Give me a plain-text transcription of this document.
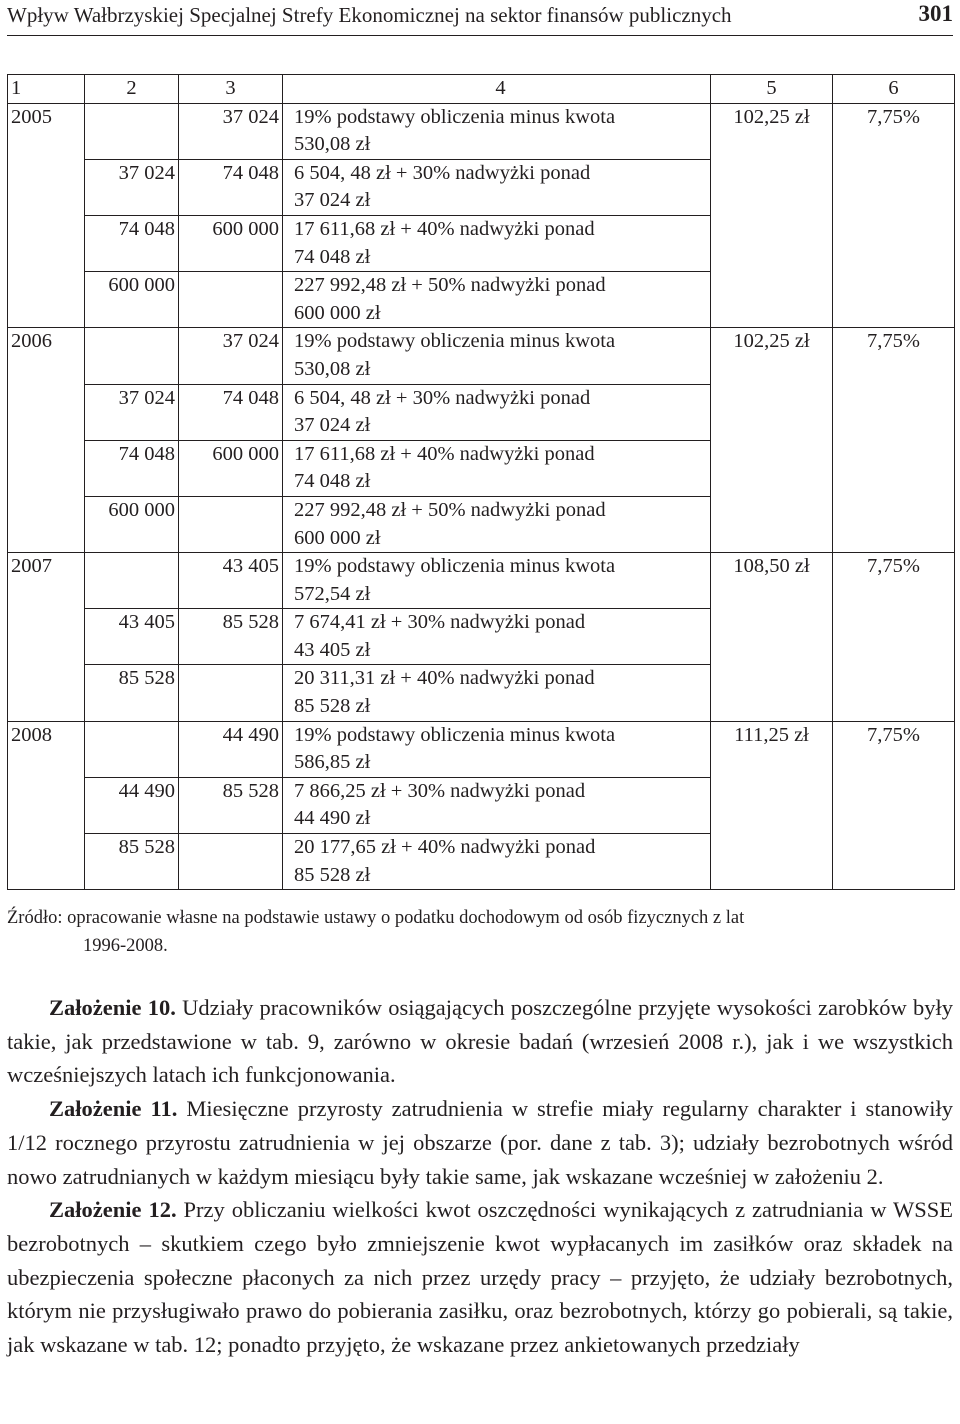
Wpływ Wałbrzyskiej Specjalnej Strefy Ekonomicznej na sektor finansów publicznych	301
1	2	3	4	5	6
2005		37 024	19% podstawy obliczenia minus kwota
530,08 zł	102,25 zł	7,75%
	37 024	74 048	6 504, 48 zł + 30% nadwyżki ponad
37 024 zł		

	74 048	600 000	17 611,68 zł + 40% nadwyżki ponad
74 048 zł		

	600 000		227 992,48 zł + 50% nadwyżki ponad
600 000 zł		

2006		37 024	19% podstawy obliczenia minus kwota
530,08 zł	102,25 zł	7,75%
	37 024	74 048	6 504, 48 zł + 30% nadwyżki ponad
37 024 zł		

	74 048	600 000	17 611,68 zł + 40% nadwyżki ponad
74 048 zł		

	600 000		227 992,48 zł + 50% nadwyżki ponad
600 000 zł		

2007		43 405	19% podstawy obliczenia minus kwota
572,54 zł	108,50 zł	7,75%
	43 405	85 528	7 674,41 zł + 30% nadwyżki ponad
43 405 zł		

	85 528		20 311,31 zł + 40% nadwyżki ponad
85 528 zł		

2008		44 490	19% podstawy obliczenia minus kwota
586,85 zł	111,25 zł	7,75%
	44 490	85 528	7 866,25 zł + 30% nadwyżki ponad
44 490 zł		

	85 528		20 177,65 zł + 40% nadwyżki ponad
85 528 zł		

Źródło: opracowanie własne na podstawie ustawy o podatku dochodowym od osób fizycznych z lat

1996-2008.

Założenie 10. Udziały pracowników osiągających poszczególne przyjęte wysokości zarobków były takie, jak przedstawione w tab. 9, zarówno w okresie badań (wrzesień 2008 r.), jak i we wszystkich wcześniejszych latach ich funkcjonowania.

Założenie 11. Miesięczne przyrosty zatrudnienia w strefie miały regularny charakter i stanowiły 1/12 rocznego przyrostu zatrudnienia w jej obszarze (por. dane z tab. 3); udziały bezrobotnych wśród nowo zatrudnianych w każdym miesiącu były takie same, jak wskazane wcześniej w założeniu 2.

Założenie 12. Przy obliczaniu wielkości kwot oszczędności wynikających z zatrudniania w WSSE bezrobotnych – skutkiem czego było zmniejszenie kwot wypłacanych im zasiłków oraz składek na ubezpieczenia społeczne płaconych za nich przez urzędy pracy – przyjęto, że udziały bezrobotnych, którym nie przysługiwało prawo do pobierania zasiłku, oraz bezrobotnych, którzy go pobierali, są takie, jak wskazane w tab. 12; ponadto przyjęto, że wskazane przez ankietowanych przedziały
